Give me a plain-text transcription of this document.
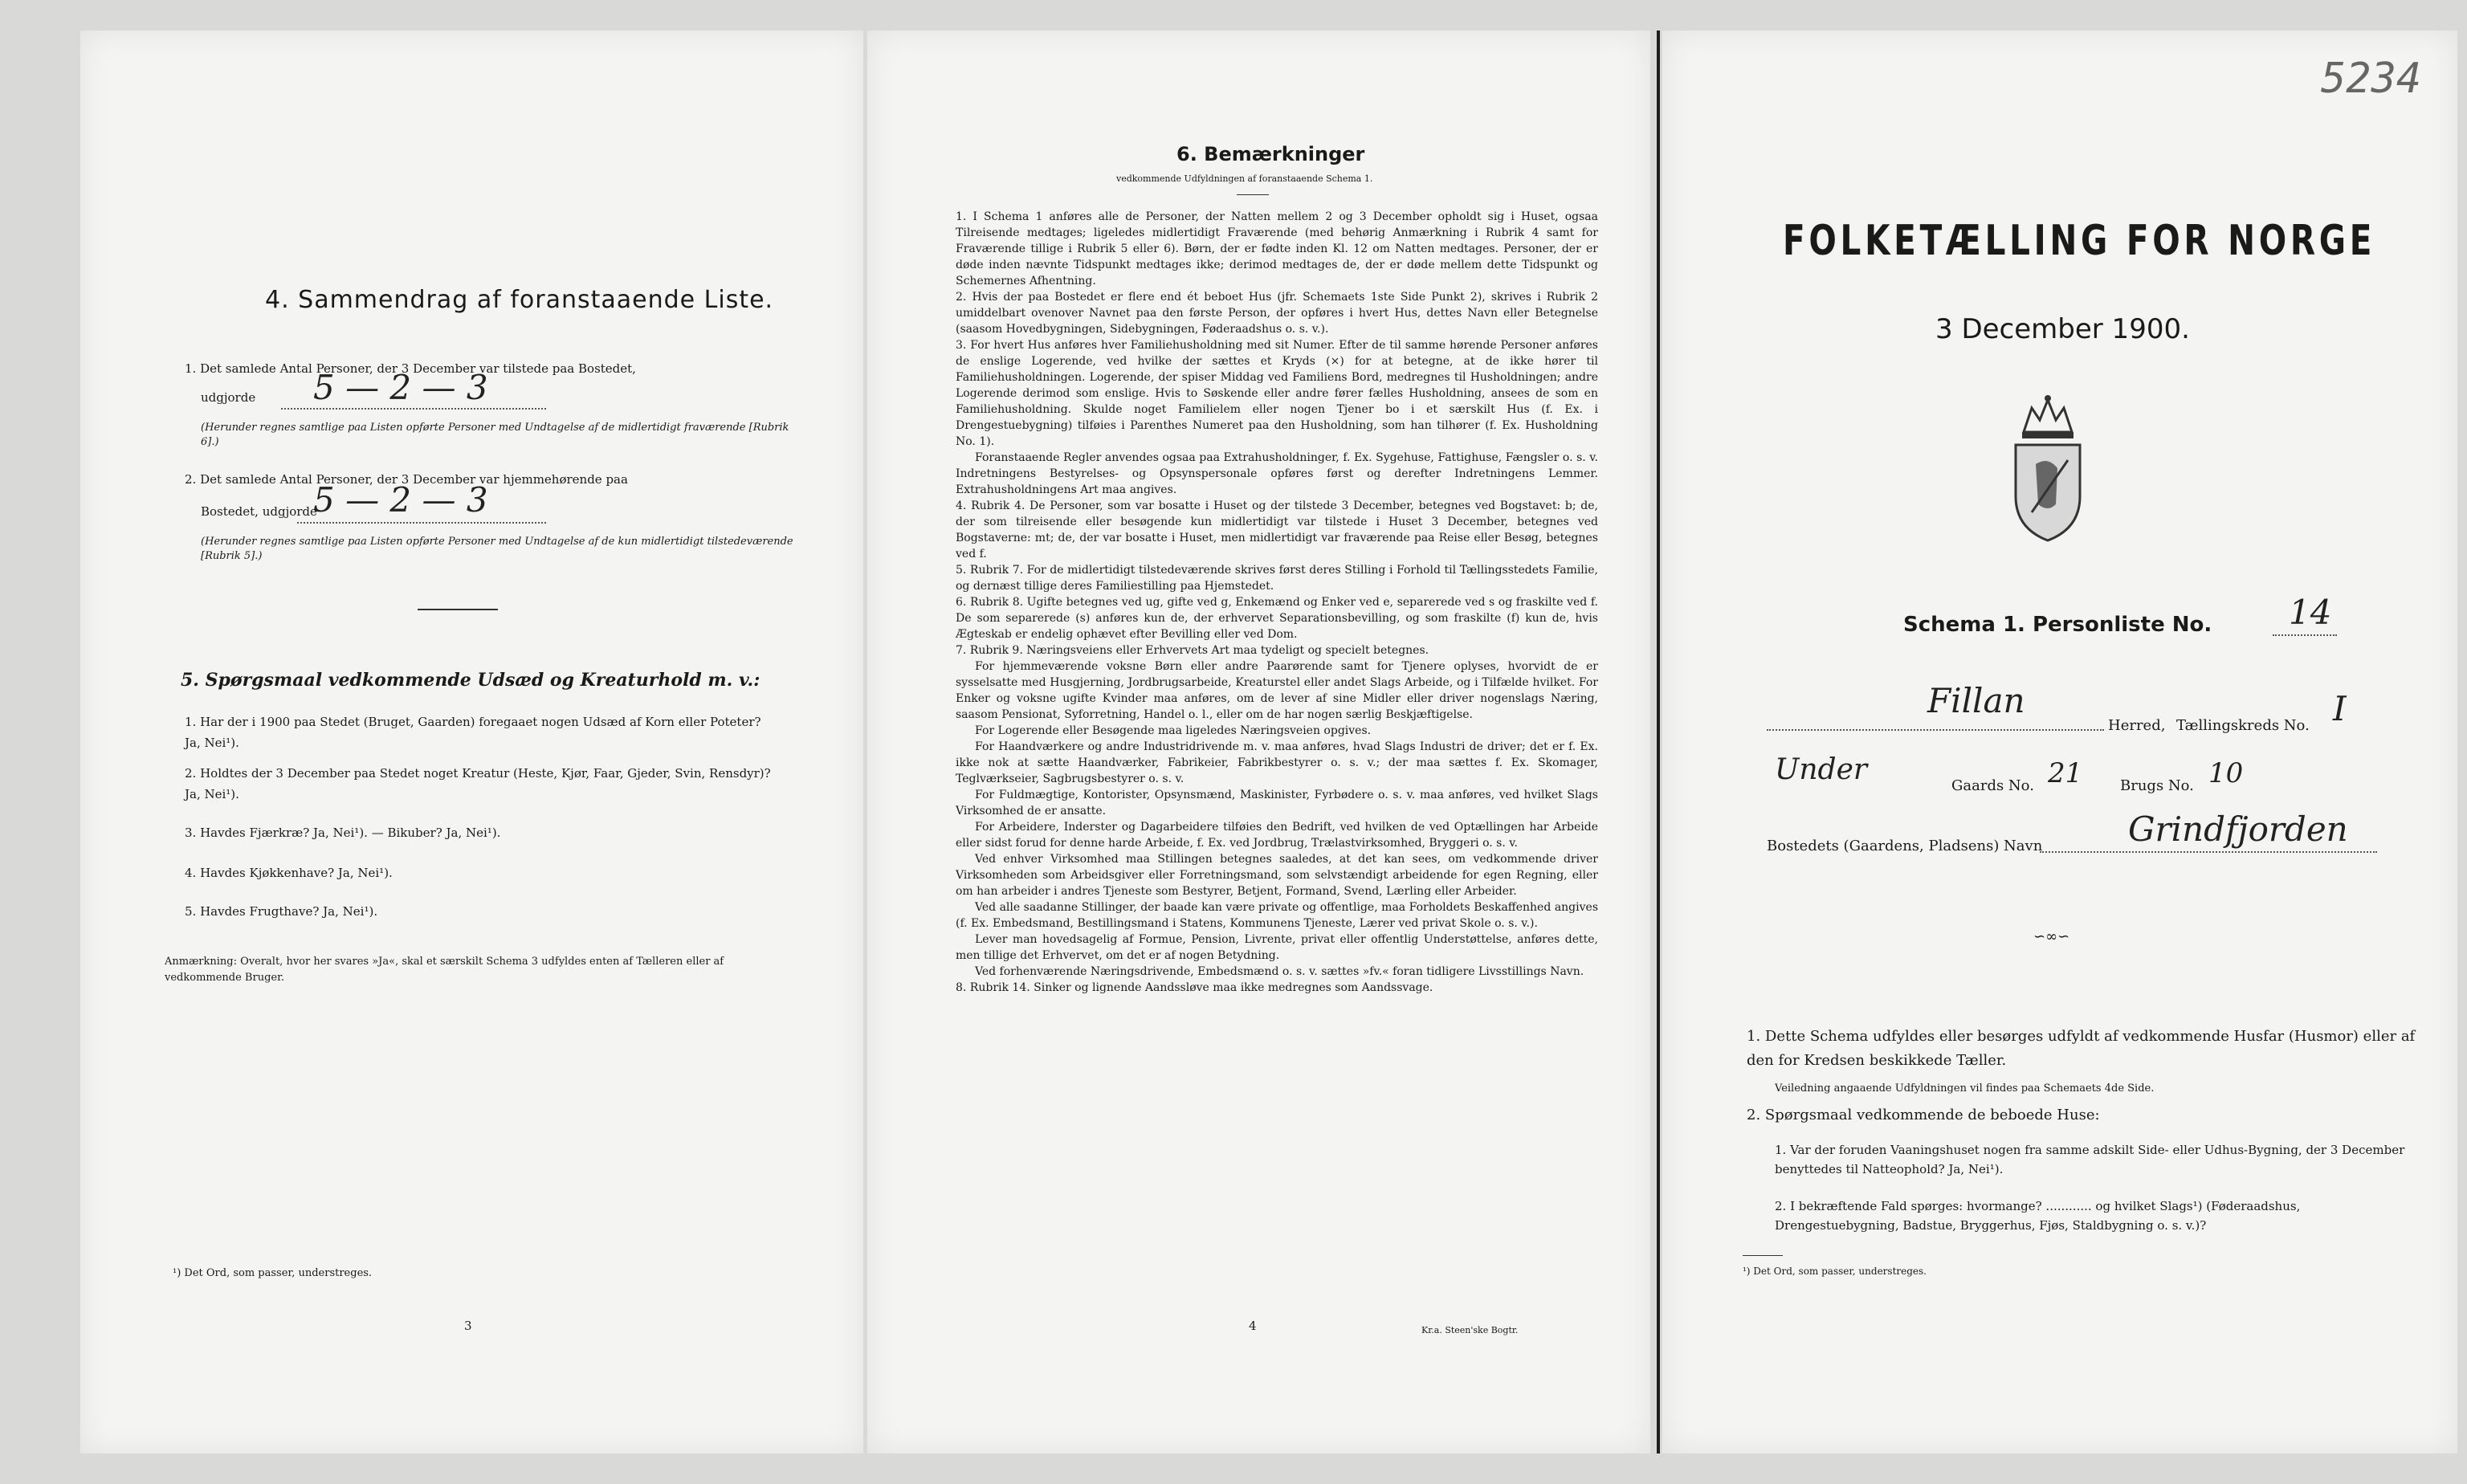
4. Sammendrag af foranstaaende Liste.
1. Det samlede Antal Personer, der 3 December var tilstede paa Bostedet,
udgjorde 5 — 2 — 3
(Herunder regnes samtlige paa Listen opførte Personer med Undtagelse af de midlertidigt fraværende [Rubrik 6].)
2. Det samlede Antal Personer, der 3 December var hjemmehørende paa
Bostedet, udgjorde
5 — 2 — 3
(Herunder regnes samtlige paa Listen opførte Personer med Undtagelse af de kun midlertidigt tilstedeværende [Rubrik 5].)
5. Spørgsmaal vedkommende Udsæd og Kreaturhold m. v.:
1. Har der i 1900 paa Stedet (Bruget, Gaarden) foregaaet nogen Udsæd af Korn eller Poteter? Ja, Nei¹).
2. Holdtes der 3 December paa Stedet noget Kreatur (Heste, Kjør, Faar, Gjeder, Svin, Rensdyr)? Ja, Nei¹).
3. Havdes Fjærkræ? Ja, Nei¹). — Bikuber? Ja, Nei¹).
4. Havdes Kjøkkenhave? Ja, Nei¹).
5. Havdes Frugthave? Ja, Nei¹).
Anmærkning: Overalt, hvor her svares »Ja«, skal et særskilt Schema 3 udfyldes enten af Tælleren eller af vedkommende Bruger.
¹) Det Ord, som passer, understreges.
3
6. Bemærkninger
vedkommende Udfyldningen af foranstaaende Schema 1.
1. I Schema 1 anføres alle de Personer, der Natten mellem 2 og 3 December opholdt sig i Huset, ogsaa Tilreisende medtages; ligeledes midlertidigt Fraværende (med behørig Anmærkning i Rubrik 4 samt for Fraværende tillige i Rubrik 5 eller 6). Børn, der er fødte inden Kl. 12 om Natten medtages. Personer, der er døde inden nævnte Tidspunkt medtages ikke; derimod medtages de, der er døde mellem dette Tidspunkt og Schemernes Afhentning.
2. Hvis der paa Bostedet er flere end ét beboet Hus (jfr. Schemaets 1ste Side Punkt 2), skrives i Rubrik 2 umiddelbart ovenover Navnet paa den første Person, der opføres i hvert Hus, dettes Navn eller Betegnelse (saasom Hovedbygningen, Sidebygningen, Føderaadshus o. s. v.).
3. For hvert Hus anføres hver Familiehusholdning med sit Numer. Efter de til samme hørende Personer anføres de enslige Logerende, ved hvilke der sættes et Kryds (×) for at betegne, at de ikke hører til Familiehusholdningen. Logerende, der spiser Middag ved Familiens Bord, medregnes til Husholdningen; andre Logerende derimod som enslige. Hvis to Søskende eller andre fører fælles Husholdning, ansees de som en Familiehusholdning. Skulde noget Familielem eller nogen Tjener bo i et særskilt Hus (f. Ex. i Drengestuebygning) tilføies i Parenthes Numeret paa den Husholdning, som han tilhører (f. Ex. Husholdning No. 1).
Foranstaaende Regler anvendes ogsaa paa Extrahusholdninger, f. Ex. Sygehuse, Fattighuse, Fængsler o. s. v. Indretningens Bestyrelses- og Opsynspersonale opføres først og derefter Indretningens Lemmer. Extrahusholdningens Art maa angives.
4. Rubrik 4. De Personer, som var bosatte i Huset og der tilstede 3 December, betegnes ved Bogstavet: b; de, der som tilreisende eller besøgende kun midlertidigt var tilstede i Huset 3 December, betegnes ved Bogstaverne: mt; de, der var bosatte i Huset, men midlertidigt var fraværende paa Reise eller Besøg, betegnes ved f.
5. Rubrik 7. For de midlertidigt tilstedeværende skrives først deres Stilling i Forhold til Tællingsstedets Familie, og dernæst tillige deres Familiestilling paa Hjemstedet.
6. Rubrik 8. Ugifte betegnes ved ug, gifte ved g, Enkemænd og Enker ved e, separerede ved s og fraskilte ved f. De som separerede (s) anføres kun de, der erhvervet Separationsbevilling, og som fraskilte (f) kun de, hvis Ægteskab er endelig ophævet efter Bevilling eller ved Dom.
7. Rubrik 9. Næringsveiens eller Erhvervets Art maa tydeligt og specielt betegnes.
For hjemmeværende voksne Børn eller andre Paarørende samt for Tjenere oplyses, hvorvidt de er sysselsatte med Husgjerning, Jordbrugsarbeide, Kreaturstel eller andet Slags Arbeide, og i Tilfælde hvilket. For Enker og voksne ugifte Kvinder maa anføres, om de lever af sine Midler eller driver nogenslags Næring, saasom Pensionat, Syforretning, Handel o. l., eller om de har nogen særlig Beskjæftigelse.
For Logerende eller Besøgende maa ligeledes Næringsveien opgives.
For Haandværkere og andre Industridrivende m. v. maa anføres, hvad Slags Industri de driver; det er f. Ex. ikke nok at sætte Haandværker, Fabrikeier, Fabrikbestyrer o. s. v.; der maa sættes f. Ex. Skomager, Teglværkseier, Sagbrugsbestyrer o. s. v.
For Fuldmægtige, Kontorister, Opsynsmænd, Maskinister, Fyrbødere o. s. v. maa anføres, ved hvilket Slags Virksomhed de er ansatte.
For Arbeidere, Inderster og Dagarbeidere tilføies den Bedrift, ved hvilken de ved Optællingen har Arbeide eller sidst forud for denne harde Arbeide, f. Ex. ved Jordbrug, Trælastvirksomhed, Bryggeri o. s. v.
Ved enhver Virksomhed maa Stillingen betegnes saaledes, at det kan sees, om vedkommende driver Virksomheden som Arbeidsgiver eller Forretningsmand, som selvstændigt arbeidende for egen Regning, eller om han arbeider i andres Tjeneste som Bestyrer, Betjent, Formand, Svend, Lærling eller Arbeider.
Ved alle saadanne Stillinger, der baade kan være private og offentlige, maa Forholdets Beskaffenhed angives (f. Ex. Embedsmand, Bestillingsmand i Statens, Kommunens Tjeneste, Lærer ved privat Skole o. s. v.).
Lever man hovedsagelig af Formue, Pension, Livrente, privat eller offentlig Understøttelse, anføres dette, men tillige det Erhvervet, om det er af nogen Betydning.
Ved forhenværende Næringsdrivende, Embedsmænd o. s. v. sættes »fv.« foran tidligere Livsstillings Navn.
8. Rubrik 14. Sinker og lignende Aandssløve maa ikke medregnes som Aandssvage.
4	Kr.a. Steen'ske Bogtr.
5234
FOLKETÆLLING FOR NORGE
3 December 1900.
Schema 1. Personliste No. 14
Fillan
Herred, Tællingskreds No. I
Under	Gaards No. 21	Brugs No. 10
Bostedets (Gaardens, Pladsens) Navn	Grindfjorden
∽∞∽
1. Dette Schema udfyldes eller besørges udfyldt af vedkommende Husfar (Husmor) eller af den for Kredsen beskikkede Tæller.
Veiledning angaaende Udfyldningen vil findes paa Schemaets 4de Side.
2. Spørgsmaal vedkommende de beboede Huse:
1. Var der foruden Vaaningshuset nogen fra samme adskilt Side- eller Udhus-Bygning, der 3 December benyttedes til Natteophold? Ja, Nei¹).
2. I bekræftende Fald spørges: hvormange? ............ og hvilket Slags¹) (Føderaadshus, Drengestuebygning, Badstue, Bryggerhus, Fjøs, Staldbygning o. s. v.)?
¹) Det Ord, som passer, understreges.
